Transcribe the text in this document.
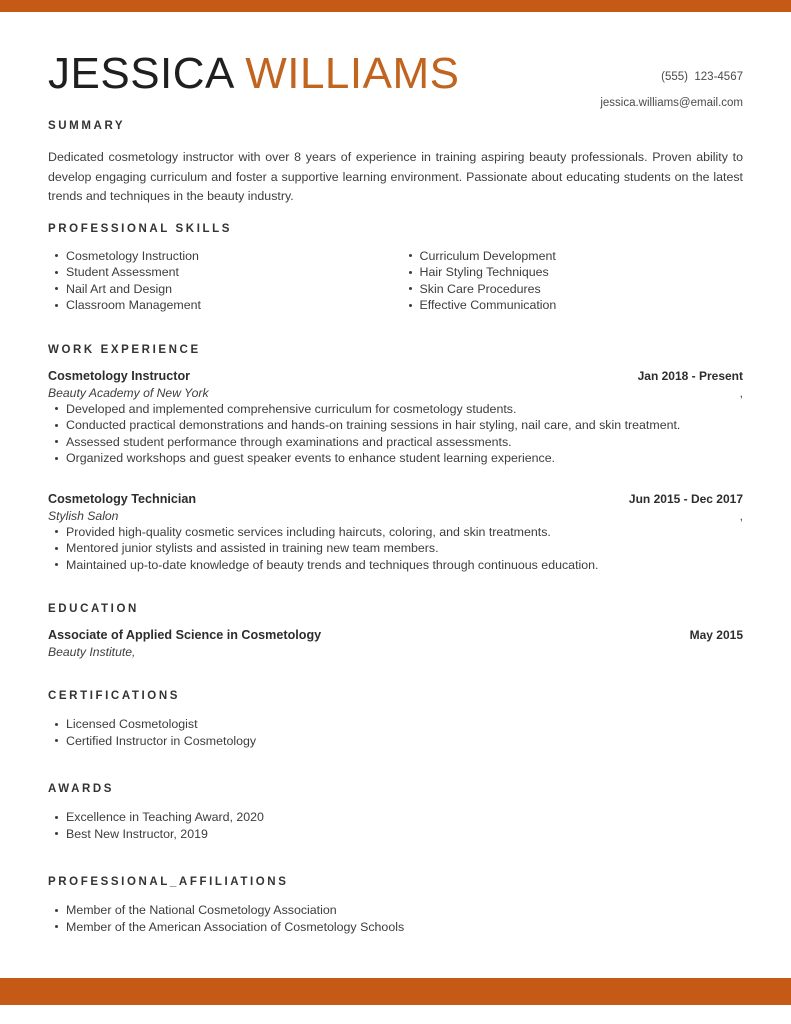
JESSICA WILLIAMS	(555)  123-4567
jessica.williams@email.com
SUMMARY
Dedicated cosmetology instructor with over 8 years of experience in training aspiring beauty professionals. Proven ability to develop engaging curriculum and foster a supportive learning environment. Passionate about educating students on the latest trends and techniques in the beauty industry.
PROFESSIONAL SKILLS
Cosmetology Instruction
Student Assessment
Nail Art and Design
Classroom Management
Curriculum Development
Hair Styling Techniques
Skin Care Procedures
Effective Communication
WORK EXPERIENCE
Cosmetology Instructor	Jan 2018 - Present
Beauty Academy of New York	,
Developed and implemented comprehensive curriculum for cosmetology students.
Conducted practical demonstrations and hands-on training sessions in hair styling, nail care, and skin treatment.
Assessed student performance through examinations and practical assessments.
Organized workshops and guest speaker events to enhance student learning experience.
Cosmetology Technician	Jun 2015 - Dec 2017
Stylish Salon	,
Provided high-quality cosmetic services including haircuts, coloring, and skin treatments.
Mentored junior stylists and assisted in training new team members.
Maintained up-to-date knowledge of beauty trends and techniques through continuous education.
EDUCATION
Associate of Applied Science in Cosmetology	May 2015
Beauty Institute,
CERTIFICATIONS
Licensed Cosmetologist
Certified Instructor in Cosmetology
AWARDS
Excellence in Teaching Award, 2020
Best New Instructor, 2019
PROFESSIONAL_AFFILIATIONS
Member of the National Cosmetology Association
Member of the American Association of Cosmetology Schools
